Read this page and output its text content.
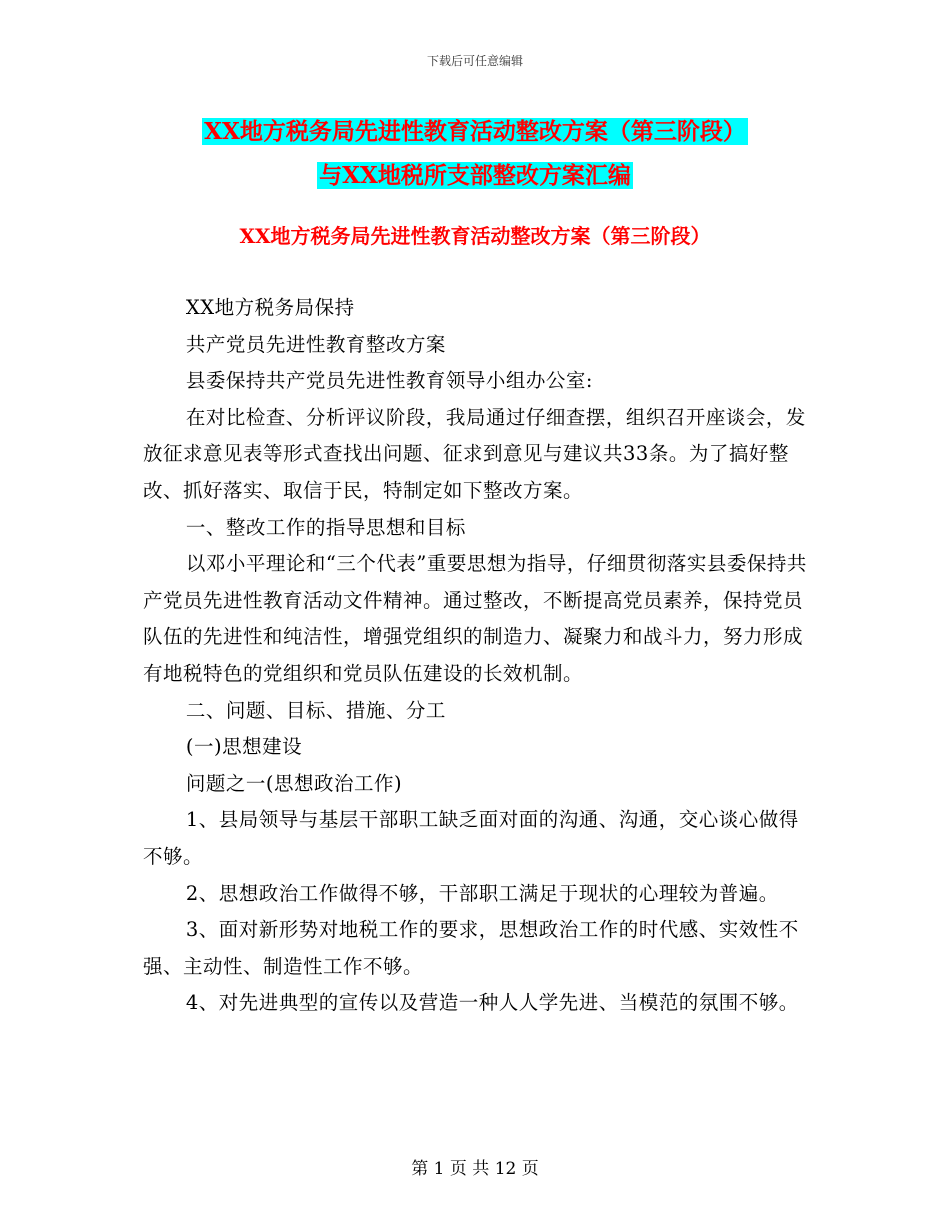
下载后可任意编辑
XX地方税务局先进性教育活动整改方案（第三阶段）
与XX地税所支部整改方案汇编
XX地方税务局先进性教育活动整改方案（第三阶段）

XX地方税务局保持

共产党员先进性教育整改方案

县委保持共产党员先进性教育领导小组办公室:

在对比检查、分析评议阶段，我局通过仔细查摆，组织召开座谈会，发放征求意见表等形式查找出问题、征求到意见与建议共33条。为了搞好整改、抓好落实、取信于民，特制定如下整改方案。

一、整改工作的指导思想和目标

以邓小平理论和“三个代表”重要思想为指导，仔细贯彻落实县委保持共产党员先进性教育活动文件精神。通过整改，不断提高党员素养，保持党员队伍的先进性和纯洁性，增强党组织的制造力、凝聚力和战斗力，努力形成有地税特色的党组织和党员队伍建设的长效机制。

二、问题、目标、措施、分工

(一)思想建设

问题之一(思想政治工作)

1、县局领导与基层干部职工缺乏面对面的沟通、沟通，交心谈心做得不够。

2、思想政治工作做得不够，干部职工满足于现状的心理较为普遍。

3、面对新形势对地税工作的要求，思想政治工作的时代感、实效性不强、主动性、制造性工作不够。

4、对先进典型的宣传以及营造一种人人学先进、当模范的氛围不够。

第 1 页 共 12 页
